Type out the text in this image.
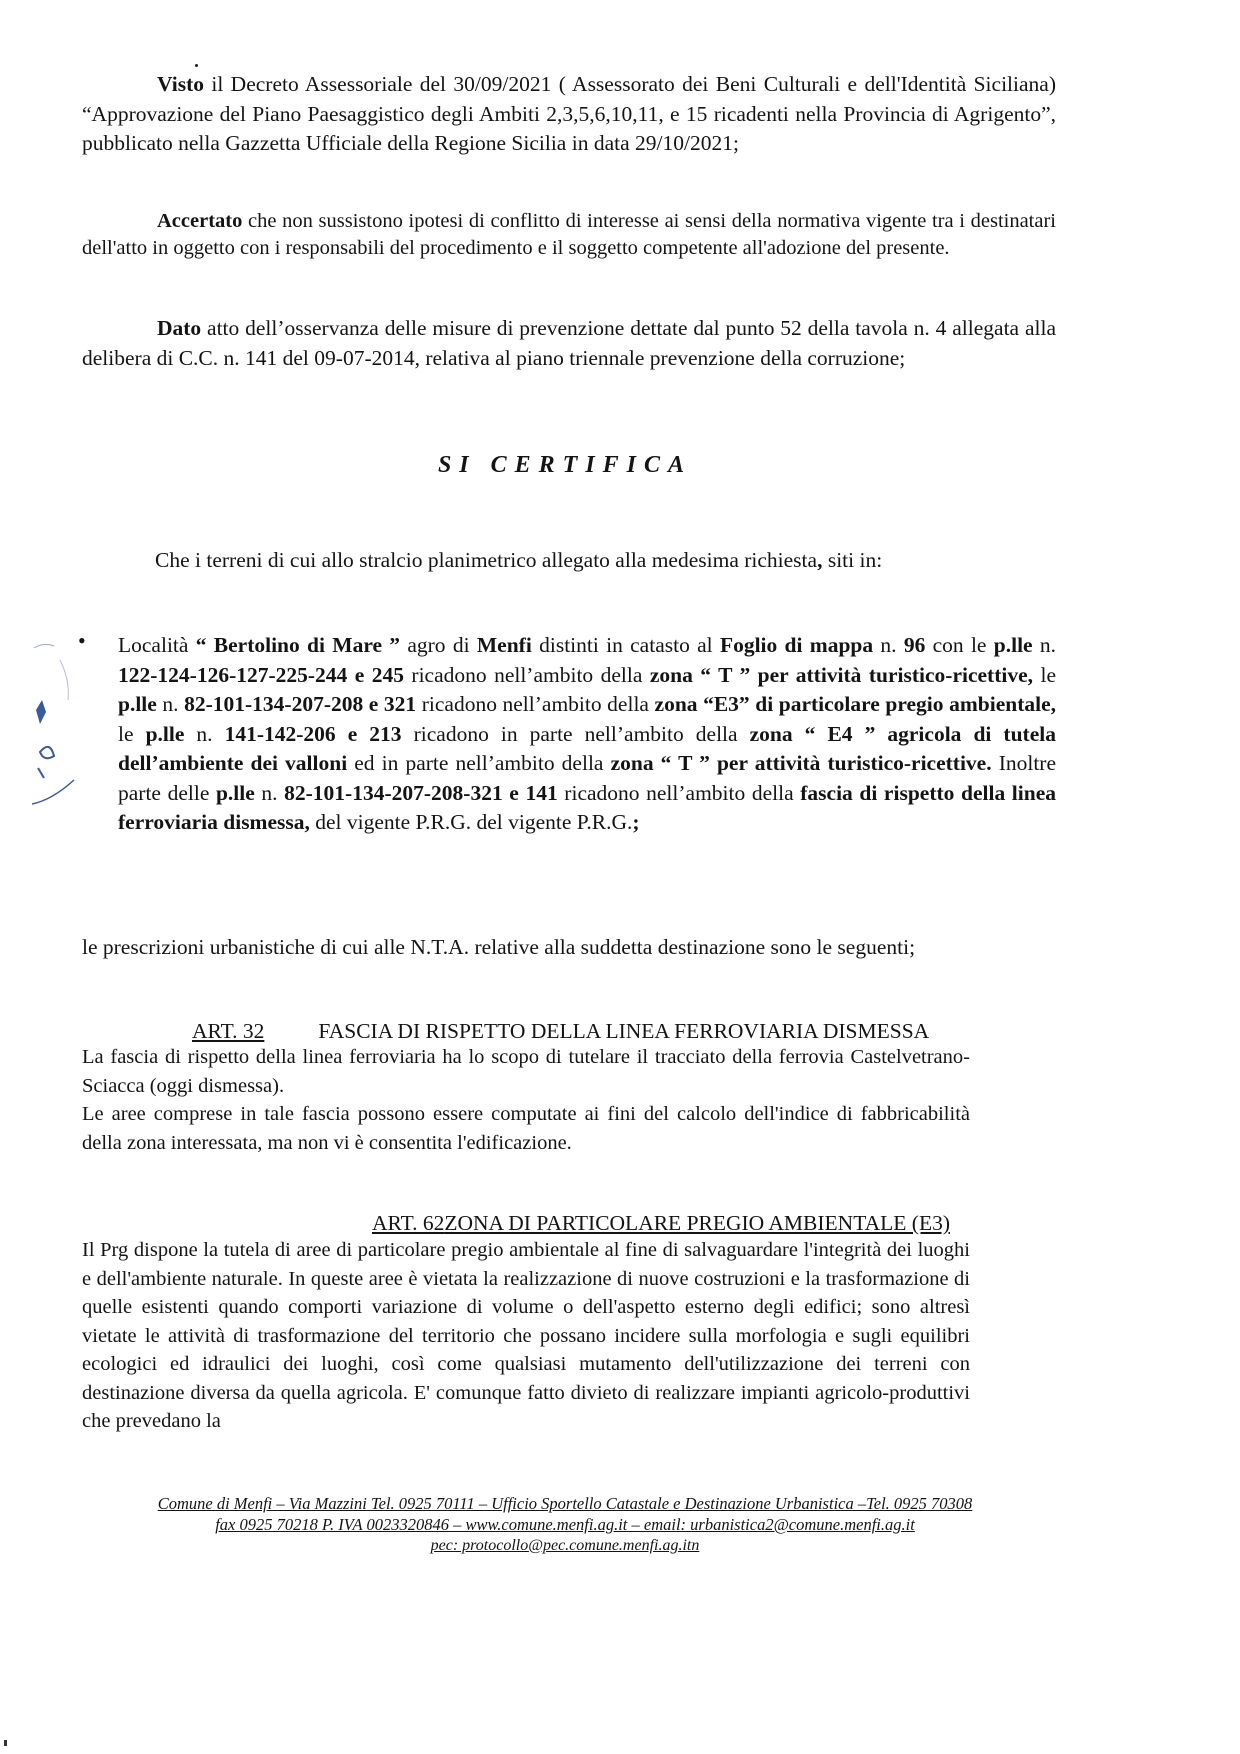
Visto il Decreto Assessoriale del 30/09/2021 ( Assessorato dei Beni Culturali e dell'Identità Siciliana) “Approvazione del Piano Paesaggistico degli Ambiti 2,3,5,6,10,11, e 15 ricadenti nella Provincia di Agrigento”, pubblicato nella Gazzetta Ufficiale della Regione Sicilia in data 29/10/2021;

Accertato che non sussistono ipotesi di conflitto di interesse ai sensi della normativa vigente tra i destinatari dell'atto in oggetto con i responsabili del procedimento e il soggetto competente all'adozione del presente.

Dato atto dell’osservanza delle misure di prevenzione dettate dal punto 52 della tavola n. 4 allegata alla delibera di C.C. n. 141 del 09-07-2014, relativa al piano triennale prevenzione della corruzione;

SI CERTIFICA

Che i terreni di cui allo stralcio planimetrico allegato alla medesima richiesta, siti in:

• Località “ Bertolino di Mare ” agro di Menfi distinti in catasto al Foglio di mappa n. 96 con le p.lle n. 122-124-126-127-225-244 e 245 ricadono nell’ambito della zona “ T ” per attività turistico-ricettive, le p.lle n. 82-101-134-207-208 e 321 ricadono nell’ambito della zona “E3” di particolare pregio ambientale, le p.lle n. 141-142-206 e 213 ricadono in parte nell’ambito della zona “ E4 ” agricola di tutela dell’ambiente dei valloni ed in parte nell’ambito della zona “ T ” per attività turistico-ricettive. Inoltre parte delle p.lle n. 82-101-134-207-208-321 e 141 ricadono nell’ambito della fascia di rispetto della linea ferroviaria dismessa, del vigente P.R.G. del vigente P.R.G.;

le prescrizioni urbanistiche di cui alle N.T.A. relative alla suddetta destinazione sono le seguenti;

ART. 32	FASCIA DI RISPETTO DELLA LINEA FERROVIARIA DISMESSA
La fascia di rispetto della linea ferroviaria ha lo scopo di tutelare il tracciato della ferrovia Castelvetrano-Sciacca (oggi dismessa).
Le aree comprese in tale fascia possono essere computate ai fini del calcolo dell'indice di fabbricabilità della zona interessata, ma non vi è consentita l'edificazione.
ART. 62ZONA DI PARTICOLARE PREGIO AMBIENTALE (E3)

Il Prg dispone la tutela di aree di particolare pregio ambientale al fine di salvaguardare l'integrità dei luoghi e dell'ambiente naturale. In queste aree è vietata la realizzazione di nuove costruzioni e la trasformazione di quelle esistenti quando comporti variazione di volume o dell'aspetto esterno degli edifici; sono altresì vietate le attività di trasformazione del territorio che possano incidere sulla morfologia e sugli equilibri ecologici ed idraulici dei luoghi, così come qualsiasi mutamento dell'utilizzazione dei terreni con destinazione diversa da quella agricola. E' comunque fatto divieto di realizzare impianti agricolo-produttivi che prevedano la

Comune di Menfi – Via Mazzini Tel. 0925 70111 – Ufficio Sportello Catastale e Destinazione Urbanistica –Tel. 0925 70308
fax 0925 70218 P. IVA 0023320846 – www.comune.menfi.ag.it – email: urbanistica2@comune.menfi.ag.it
pec: protocollo@pec.comune.menfi.ag.itn
